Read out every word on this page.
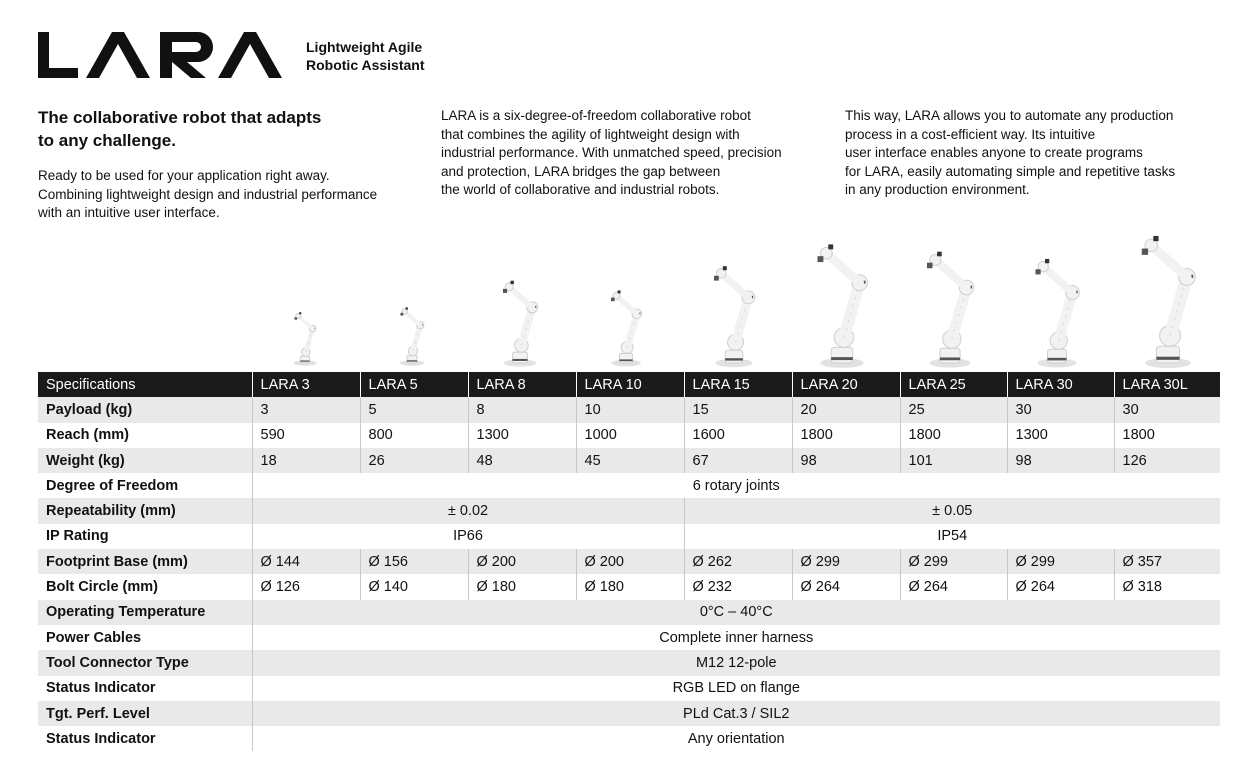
Lightweight Agile
Robotic Assistant
The collaborative robot that adapts
to any challenge.
Ready to be used for your application right away.
Combining lightweight design and industrial performance
with an intuitive user interface.
LARA is a six-degree-of-freedom collaborative robot
that combines the agility of lightweight design with
industrial performance. With unmatched speed, precision
and protection, LARA bridges the gap between
the world of collaborative and industrial robots.
This way, LARA allows you to automate any production
process in a cost-efficient way. Its intuitive
user interface enables anyone to create programs
for LARA, easily automating simple and repetitive tasks
in any production environment.
Specifications	LARA 3	LARA 5	LARA 8	LARA 10	LARA 15	LARA 20	LARA 25	LARA 30	LARA 30L
Payload (kg)	3	5	8	10	15	20	25	30	30
Reach (mm)	590	800	1300	1000	1600	1800	1800	1300	1800
Weight (kg)	18	26	48	45	67	98	101	98	126
Degree of Freedom	6 rotary joints								
Repeatability (mm)	± 0.02				± 0.05				
IP Rating	IP66				IP54				
Footprint Base (mm)	Ø 144	Ø 156	Ø 200	Ø 200	Ø 262	Ø 299	Ø 299	Ø 299	Ø 357
Bolt Circle (mm)	Ø 126	Ø 140	Ø 180	Ø 180	Ø 232	Ø 264	Ø 264	Ø 264	Ø 318
Operating Temperature	0°C – 40°C								
Power Cables	Complete inner harness								
Tool Connector Type	M12 12-pole								
Status Indicator	RGB LED on flange								
Tgt. Perf. Level	PLd Cat.3 / SIL2								
Status Indicator	Any orientation								
